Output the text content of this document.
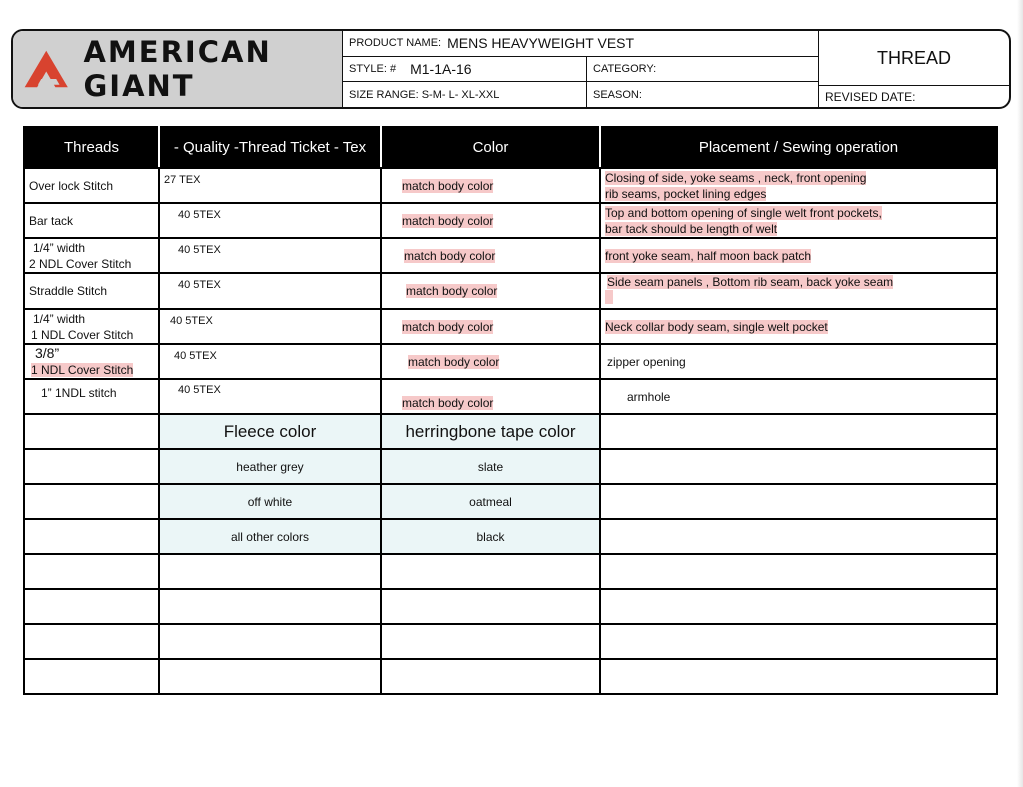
AMERICAN GIANT
PRODUCT NAME: MENS HEAVYWEIGHT VEST
STYLE: # M1-1A-16	CATEGORY:
SIZE RANGE: S-M- L- XL-XXL	SEASON:
THREAD
REVISED DATE:
Threads	- Quality -Thread Ticket - Tex	Color	Placement / Sewing operation
Over lock Stitch	27 TEX	match body color	Closing of side, yoke seams , neck, front opening
rib seams, pocket lining edges
Bar tack	40 5TEX	match body color	Top and bottom opening of single welt front pockets,
bar tack should be length of welt
1/4” width
2 NDL Cover Stitch	40 5TEX	match body color	front yoke seam, half moon back patch
Straddle Stitch	40 5TEX	match body color	Side seam panels , Bottom rib seam, back yoke seam

1/4” width
1 NDL Cover Stitch	40 5TEX	match body color	Neck collar body seam, single welt pocket
3/8”
1 NDL Cover Stitch	40 5TEX	match body color	zipper opening
1” 1NDL stitch	40 5TEX	match body color	armhole
	Fleece color	herringbone tape color	
	heather grey	slate	
	off white	oatmeal	
	all other colors	black	
